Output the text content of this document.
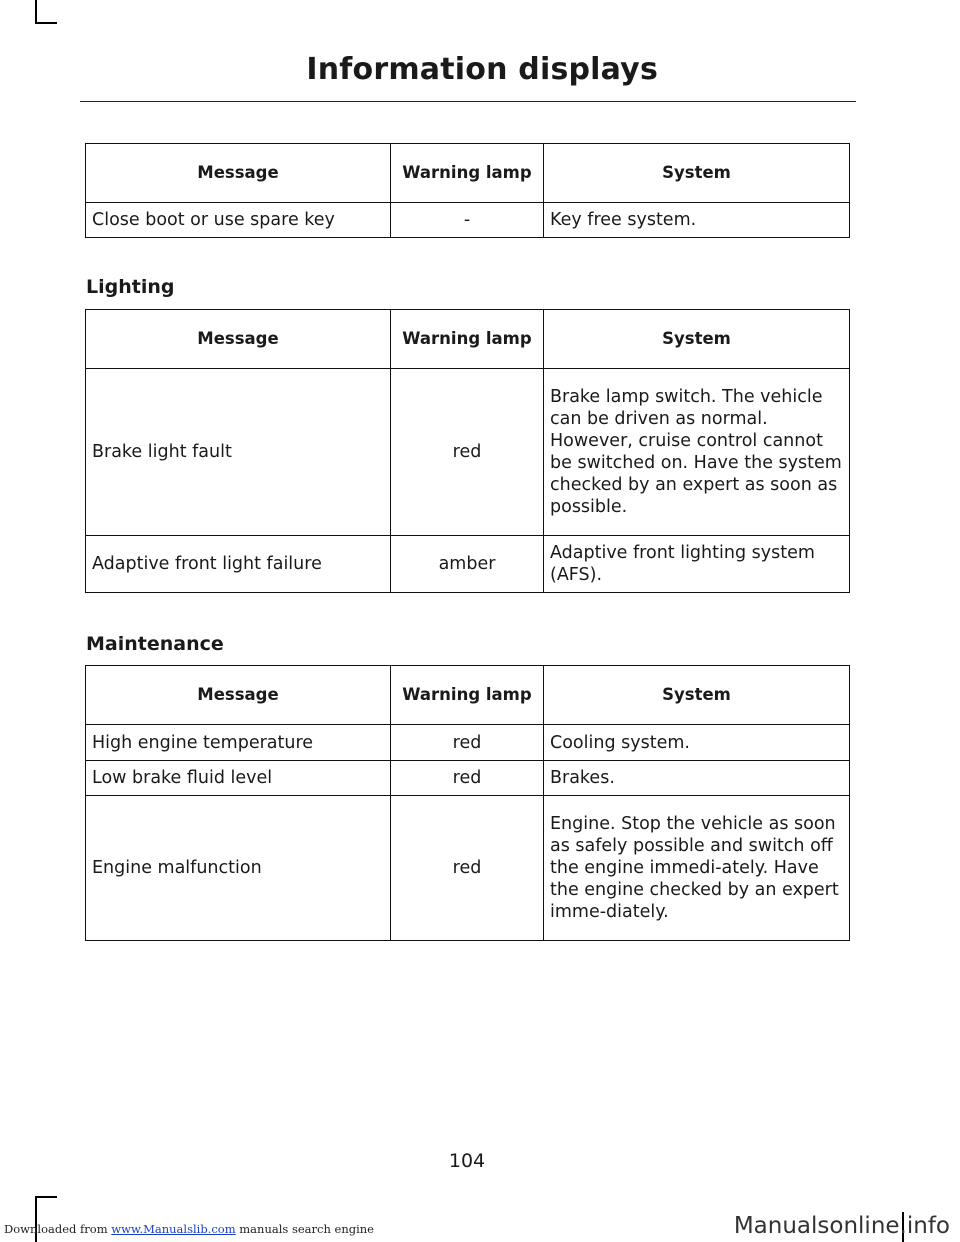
Information displays
Message	Warning lamp	System
Close boot or use spare key	-	Key free system.
Lighting
Message	Warning lamp	System
Brake light fault	red	Brake lamp switch. The vehicle can be driven as normal. However, cruise control cannot be switched on. Have the system checked by an expert as soon as possible.
Adaptive front light failure	amber	Adaptive front lighting system (AFS).
Maintenance
Message	Warning lamp	System
High engine temperature	red	Cooling system.
Low brake fluid level	red	Brakes.
Engine malfunction	red	Engine. Stop the vehicle as soon as safely possible and switch off the engine immedi-ately. Have the engine checked by an expert imme-diately.
104
Downloaded from www.Manualslib.com manuals search engine	Manualsonline.info
